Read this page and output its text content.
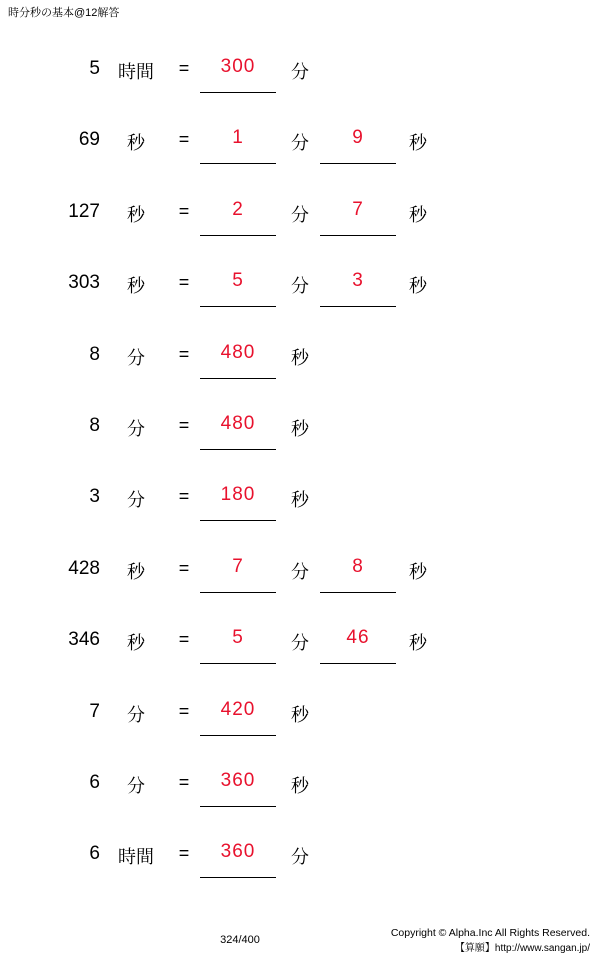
時分秒の基本@12解答
5	時間	=	300	分
69	秒	=	1	分	9	秒
127	秒	=	2	分	7	秒
303	秒	=	5	分	3	秒
8	分	=	480	秒
8	分	=	480	秒
3	分	=	180	秒
428	秒	=	7	分	8	秒
346	秒	=	5	分	46	秒
7	分	=	420	秒
6	分	=	360	秒
6	時間	=	360	分
324/400
Copyright © Alpha.Inc All Rights Reserved.
【算願】http://www.sangan.jp/
